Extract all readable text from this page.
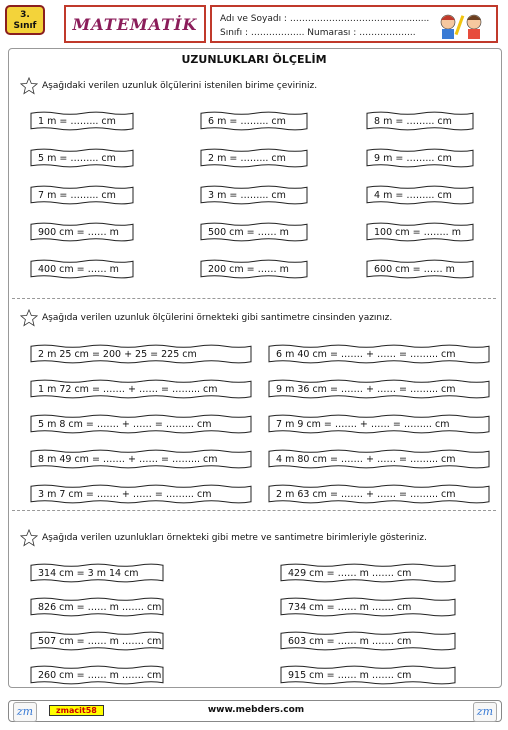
3.
Sınıf	MATEMATİK	Adı ve Soyadı : ………………………………...........
Sınıfı : ……………... Numarası : ……………....
UZUNLUKLARI ÖLÇELİM
Aşağıdaki verilen uzunluk ölçülerini istenilen birime çeviriniz.
Aşağıda verilen uzunluk ölçülerini örnekteki gibi santimetre cinsinden yazınız.
Aşağıda verilen uzunlukları örnekteki gibi metre ve santimetre birimleriyle gösteriniz.
1 m = ……... cm	6 m = ……... cm	8 m = ……... cm
5 m = ……... cm	2 m = ……... cm	9 m = ……... cm
7 m = ……... cm	3 m = ……... cm	4 m = ……... cm
900 cm = …… m	500 cm = …… m	100 cm = …….. m
400 cm = …… m	200 cm = …… m	600 cm = …… m
2 m 25 cm = 200 + 25 = 225 cm	6 m 40 cm = ……. + …… = ……... cm
1 m 72 cm = ……. + …… = ……... cm	9 m 36 cm = ……. + …… = ……... cm
5 m 8 cm = ……. + …… = ……... cm	7 m 9 cm = ……. + …… = ……... cm
8 m 49 cm = ……. + …… = ……... cm	4 m 80 cm = ……. + …… = ……... cm
3 m 7 cm = ……. + …… = ……... cm	2 m 63 cm = ……. + …… = ……... cm
314 cm = 3 m 14 cm	429 cm = …… m ……. cm
826 cm = …… m ……. cm	734 cm = …… m ……. cm
507 cm = …… m ……. cm	603 cm = …… m ……. cm
260 cm = …… m ……. cm	915 cm = …… m ……. cm
zm	zmacit58	www.mebders.com	zm
